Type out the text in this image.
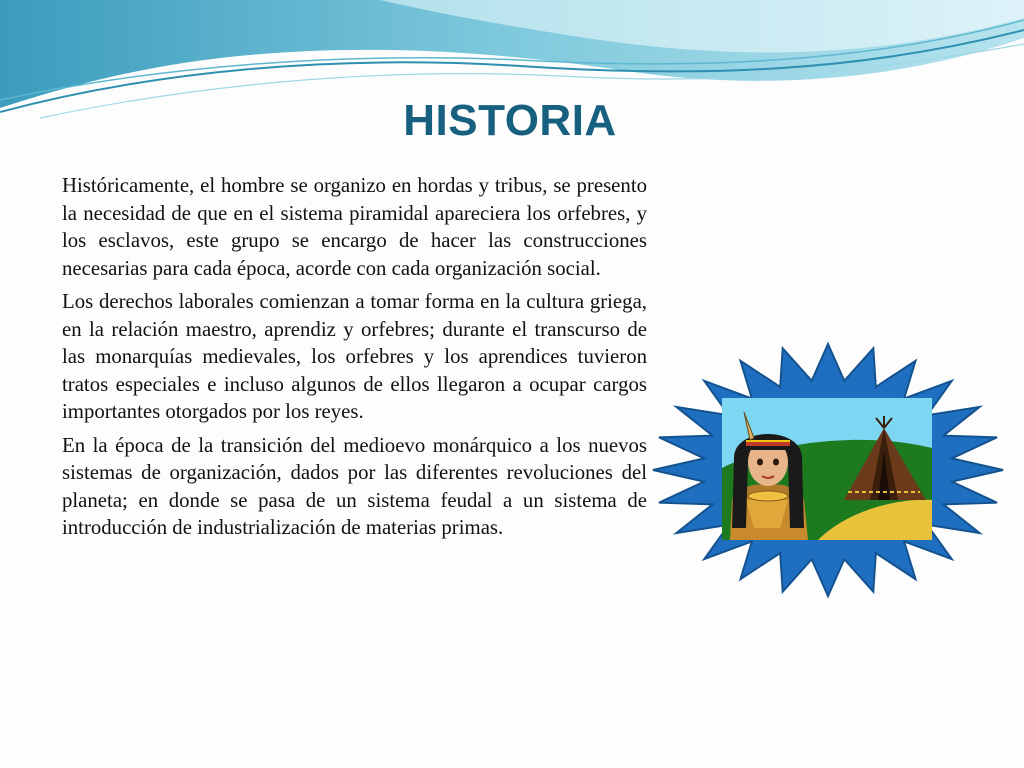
HISTORIA

Históricamente, el hombre se organizo en hordas y tribus, se presento la necesidad de que en el sistema piramidal apareciera los orfebres, y los esclavos, este grupo se encargo de hacer las construcciones necesarias para cada época, acorde con cada organización social.

Los derechos laborales comienzan a tomar forma en la cultura griega, en la relación maestro, aprendiz y orfebres; durante el transcurso de las monarquías medievales, los orfebres y los aprendices tuvieron tratos especiales e incluso algunos de ellos llegaron a ocupar cargos importantes otorgados por los reyes.

En la época de la transición del medioevo monárquico a los nuevos sistemas de organización, dados por las diferentes revoluciones del planeta; en donde se pasa de un sistema feudal a un sistema de introducción de industrialización de materias primas.
